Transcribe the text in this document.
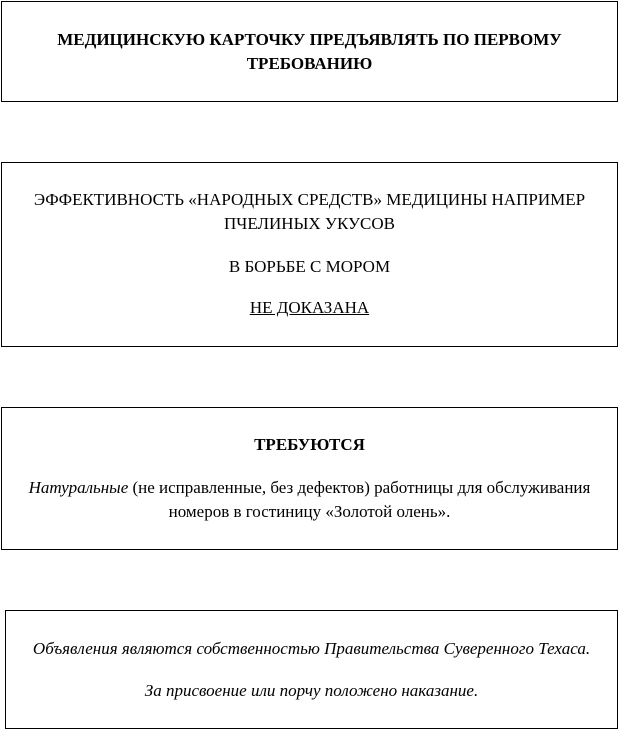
МЕДИЦИНСКУЮ КАРТОЧКУ ПРЕДЪЯВЛЯТЬ ПО ПЕРВОМУ ТРЕБОВАНИЮ

ЭФФЕКТИВНОСТЬ «НАРОДНЫХ СРЕДСТВ» МЕДИЦИНЫ НАПРИМЕР ПЧЕЛИНЫХ УКУСОВ

В БОРЬБЕ С МОРОМ

НЕ ДОКАЗАНА

ТРЕБУЮТСЯ

Натуральные (не исправленные, без дефектов) работницы для обслуживания номеров в гостиницу «Золотой олень».

Объявления являются собственностью Правительства Суверенного Техаса.

За присвоение или порчу положено наказание.
